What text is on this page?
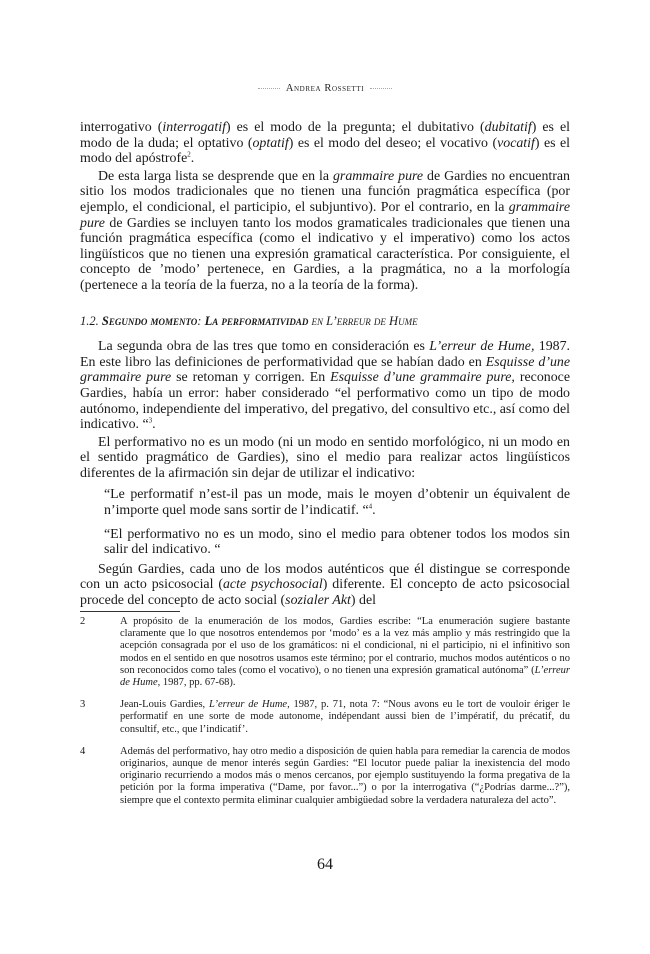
Andrea Rossetti

interrogativo (interrogatif) es el modo de la pregunta; el dubitativo (dubitatif) es el modo de la duda; el optativo (optatif) es el modo del deseo; el vocativo (vocatif) es el modo del apóstrofe$^2$.

De esta larga lista se desprende que en la grammaire pure de Gardies no encuentran sitio los modos tradicionales que no tienen una función pragmática específica (por ejemplo, el condicional, el participio, el subjuntivo). Por el contrario, en la grammaire pure de Gardies se incluyen tanto los modos gramaticales tradicionales que tienen una función pragmática específica (como el indicativo y el imperativo) como los actos lingüísticos que no tienen una expresión gramatical característica. Por consiguiente, el concepto de ’modo’ pertenece, en Gardies, a la pragmática, no a la morfología (pertenece a la teoría de la fuerza, no a la teoría de la forma).

1.2. Segundo momento: La performatividad en L’erreur de Hume

La segunda obra de las tres que tomo en consideración es L’erreur de Hume, 1987. En este libro las definiciones de performatividad que se habían dado en Esquisse d’une grammaire pure se retoman y corrigen. En Esquisse d’une grammaire pure, reconoce Gardies, había un error: haber considerado “el performativo como un tipo de modo autónomo, independiente del imperativo, del pregativo, del consultivo etc., así como del indicativo. “$^3$.

El performativo no es un modo (ni un modo en sentido morfológico, ni un modo en el sentido pragmático de Gardies), sino el medio para realizar actos lingüísticos diferentes de la afirmación sin dejar de utilizar el indicativo:

“Le performatif n’est-il pas un mode, mais le moyen d’obtenir un équivalent de n’importe quel mode sans sortir de l’indicatif. “$^4$.

“El performativo no es un modo, sino el medio para obtener todos los modos sin salir del indicativo. “

Según Gardies, cada uno de los modos auténticos que él distingue se corresponde con un acto psicosocial (acte psychosocial) diferente. El concepto de acto psicosocial procede del concepto de acto social (sozialer Akt) del

2	A propósito de la enumeración de los modos, Gardies escribe: “La enumeración sugiere bastante claramente que lo que nosotros entendemos por ‘modo’ es a la vez más amplio y más restringido que la acepción consagrada por el uso de los gramáticos: ni el condicional, ni el participio, ni el infinitivo son modos en el sentido en que nosotros usamos este término; por el contrario, muchos modos auténticos o no son reconocidos como tales (como el vocativo), o no tienen una expresión gramatical autónoma” (L’erreur de Hume, 1987, pp. 67-68).
3	Jean-Louis Gardies, L’erreur de Hume, 1987, p. 71, nota 7: “Nous avons eu le tort de vouloir ériger le performatif en une sorte de mode autonome, indépendant aussi bien de l’impératif, du précatif, du consultif, etc., que l’indicatif’.
4	Además del performativo, hay otro medio a disposición de quien habla para remediar la carencia de modos originarios, aunque de menor interés según Gardies: “El locutor puede paliar la inexistencia del modo originario recurriendo a modos más o menos cercanos, por ejemplo sustituyendo la forma pregativa de la petición por la forma imperativa (“Dame, por favor...”) o por la interrogativa (“¿Podrías darme...?”), siempre que el contexto permita eliminar cualquier ambigüedad sobre la verdadera naturaleza del acto”.
64
